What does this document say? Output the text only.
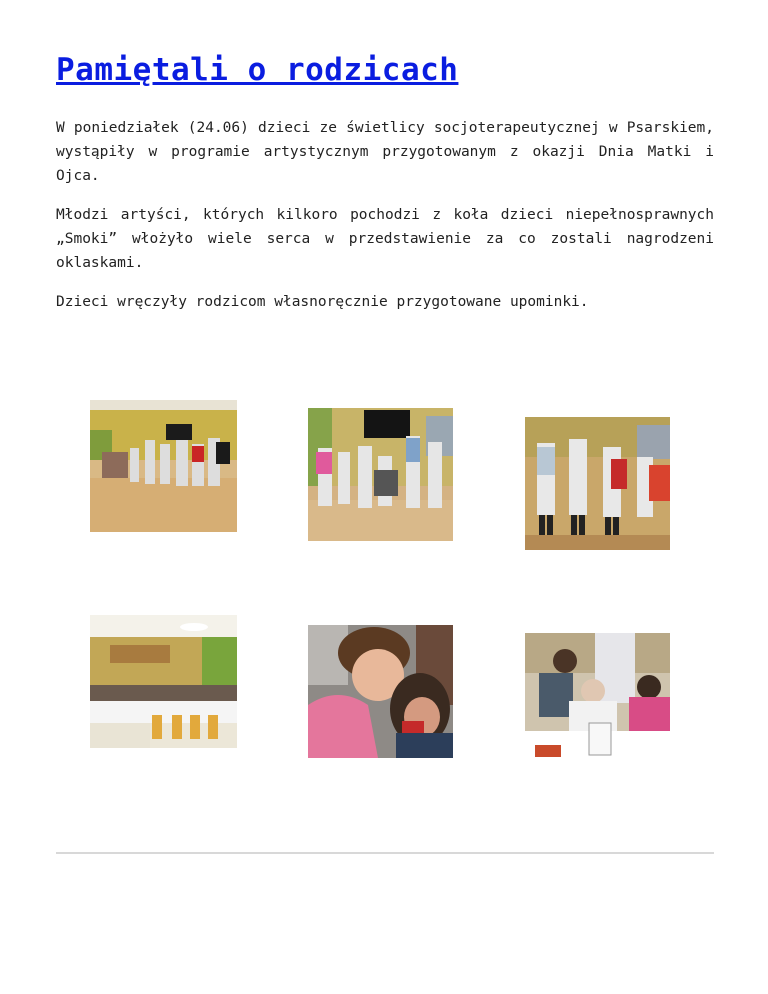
Pamiętali o rodzicach

W poniedziałek (24.06) dzieci ze świetlicy socjoterapeutycznej w Psarskiem, wystąpiły w programie artystycznym przygotowanym z okazji Dnia Matki i Ojca.

Młodzi artyści, których kilkoro pochodzi z koła dzieci niepełnosprawnych „Smoki” włożyło wiele serca w przedstawienie za co zostali nagrodzeni oklaskami.

Dzieci wręczyły rodzicom własnoręcznie przygotowane upominki.
